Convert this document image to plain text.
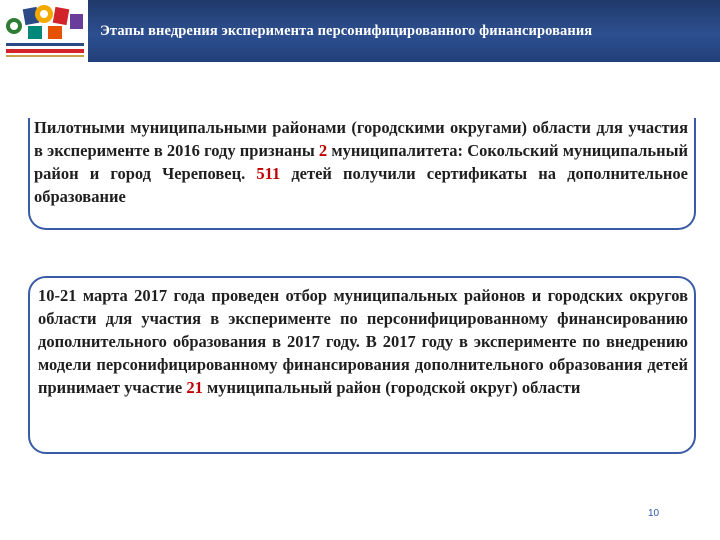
Этапы внедрения эксперимента персонифицированного финансирования

Пилотными муниципальными районами (городскими округами) области для участия в эксперименте в 2016 году признаны 2 муниципалитета: Сокольский муниципальный район и город Череповец. 511 детей получили сертификаты на дополнительное образование

10-21 марта 2017 года проведен отбор муниципальных районов и городских округов области для участия в эксперименте по персонифицированному финансированию дополнительного образования в 2017 году. В 2017 году в эксперименте по внедрению модели персонифицированному финансирования дополнительного образования детей принимает участие 21 муниципальный район (городской округ) области

10
